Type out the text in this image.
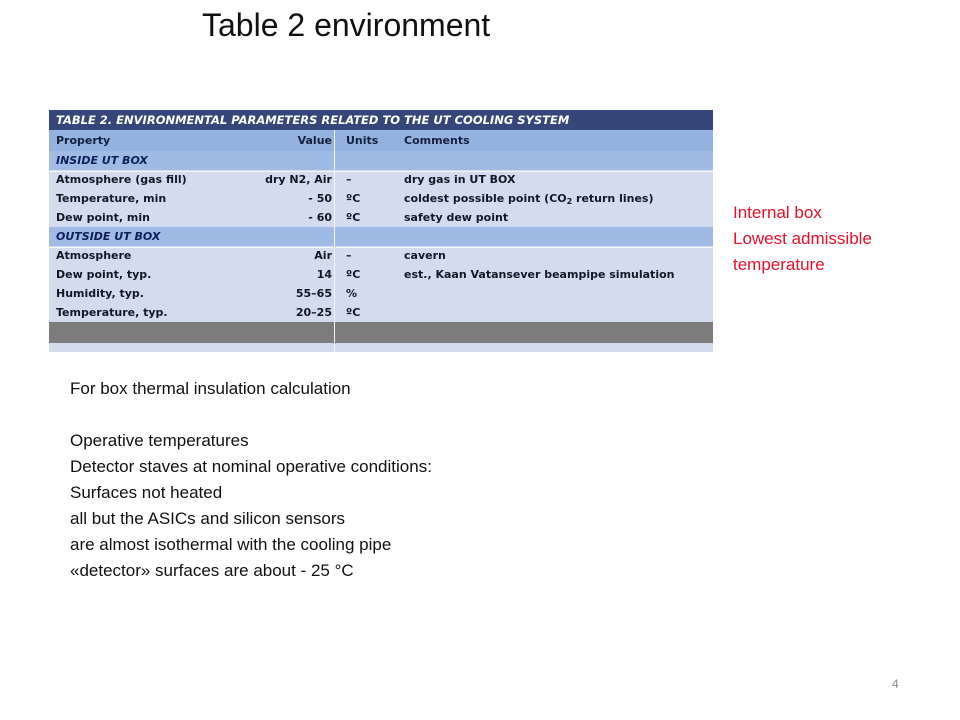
Table 2 environment
TABLE 2. ENVIRONMENTAL PARAMETERS RELATED TO THE UT COOLING SYSTEM
Property	Value Units Comments
INSIDE UT BOX
Atmosphere (gas fill)	dry N2, Air –	dry gas in UT BOX
Temperature, min	- 50 ºC	coldest possible point ($CO_2$ return lines)
Dew point, min	- 60 ºC	safety dew point
OUTSIDE UT BOX
Atmosphere	Air –	cavern
Dew point, typ.	14 ºC	est., Kaan Vatansever beampipe simulation
Humidity, typ.	55–65 %
Temperature, typ.	20–25 ºC
Internal box
Lowest admissible
temperature
For box thermal insulation calculation
Operative temperatures
Detector staves at nominal operative conditions:
Surfaces not heated
all but the ASICs and silicon sensors
are almost isothermal with the cooling pipe
«detector» surfaces are about - 25 °C
4
